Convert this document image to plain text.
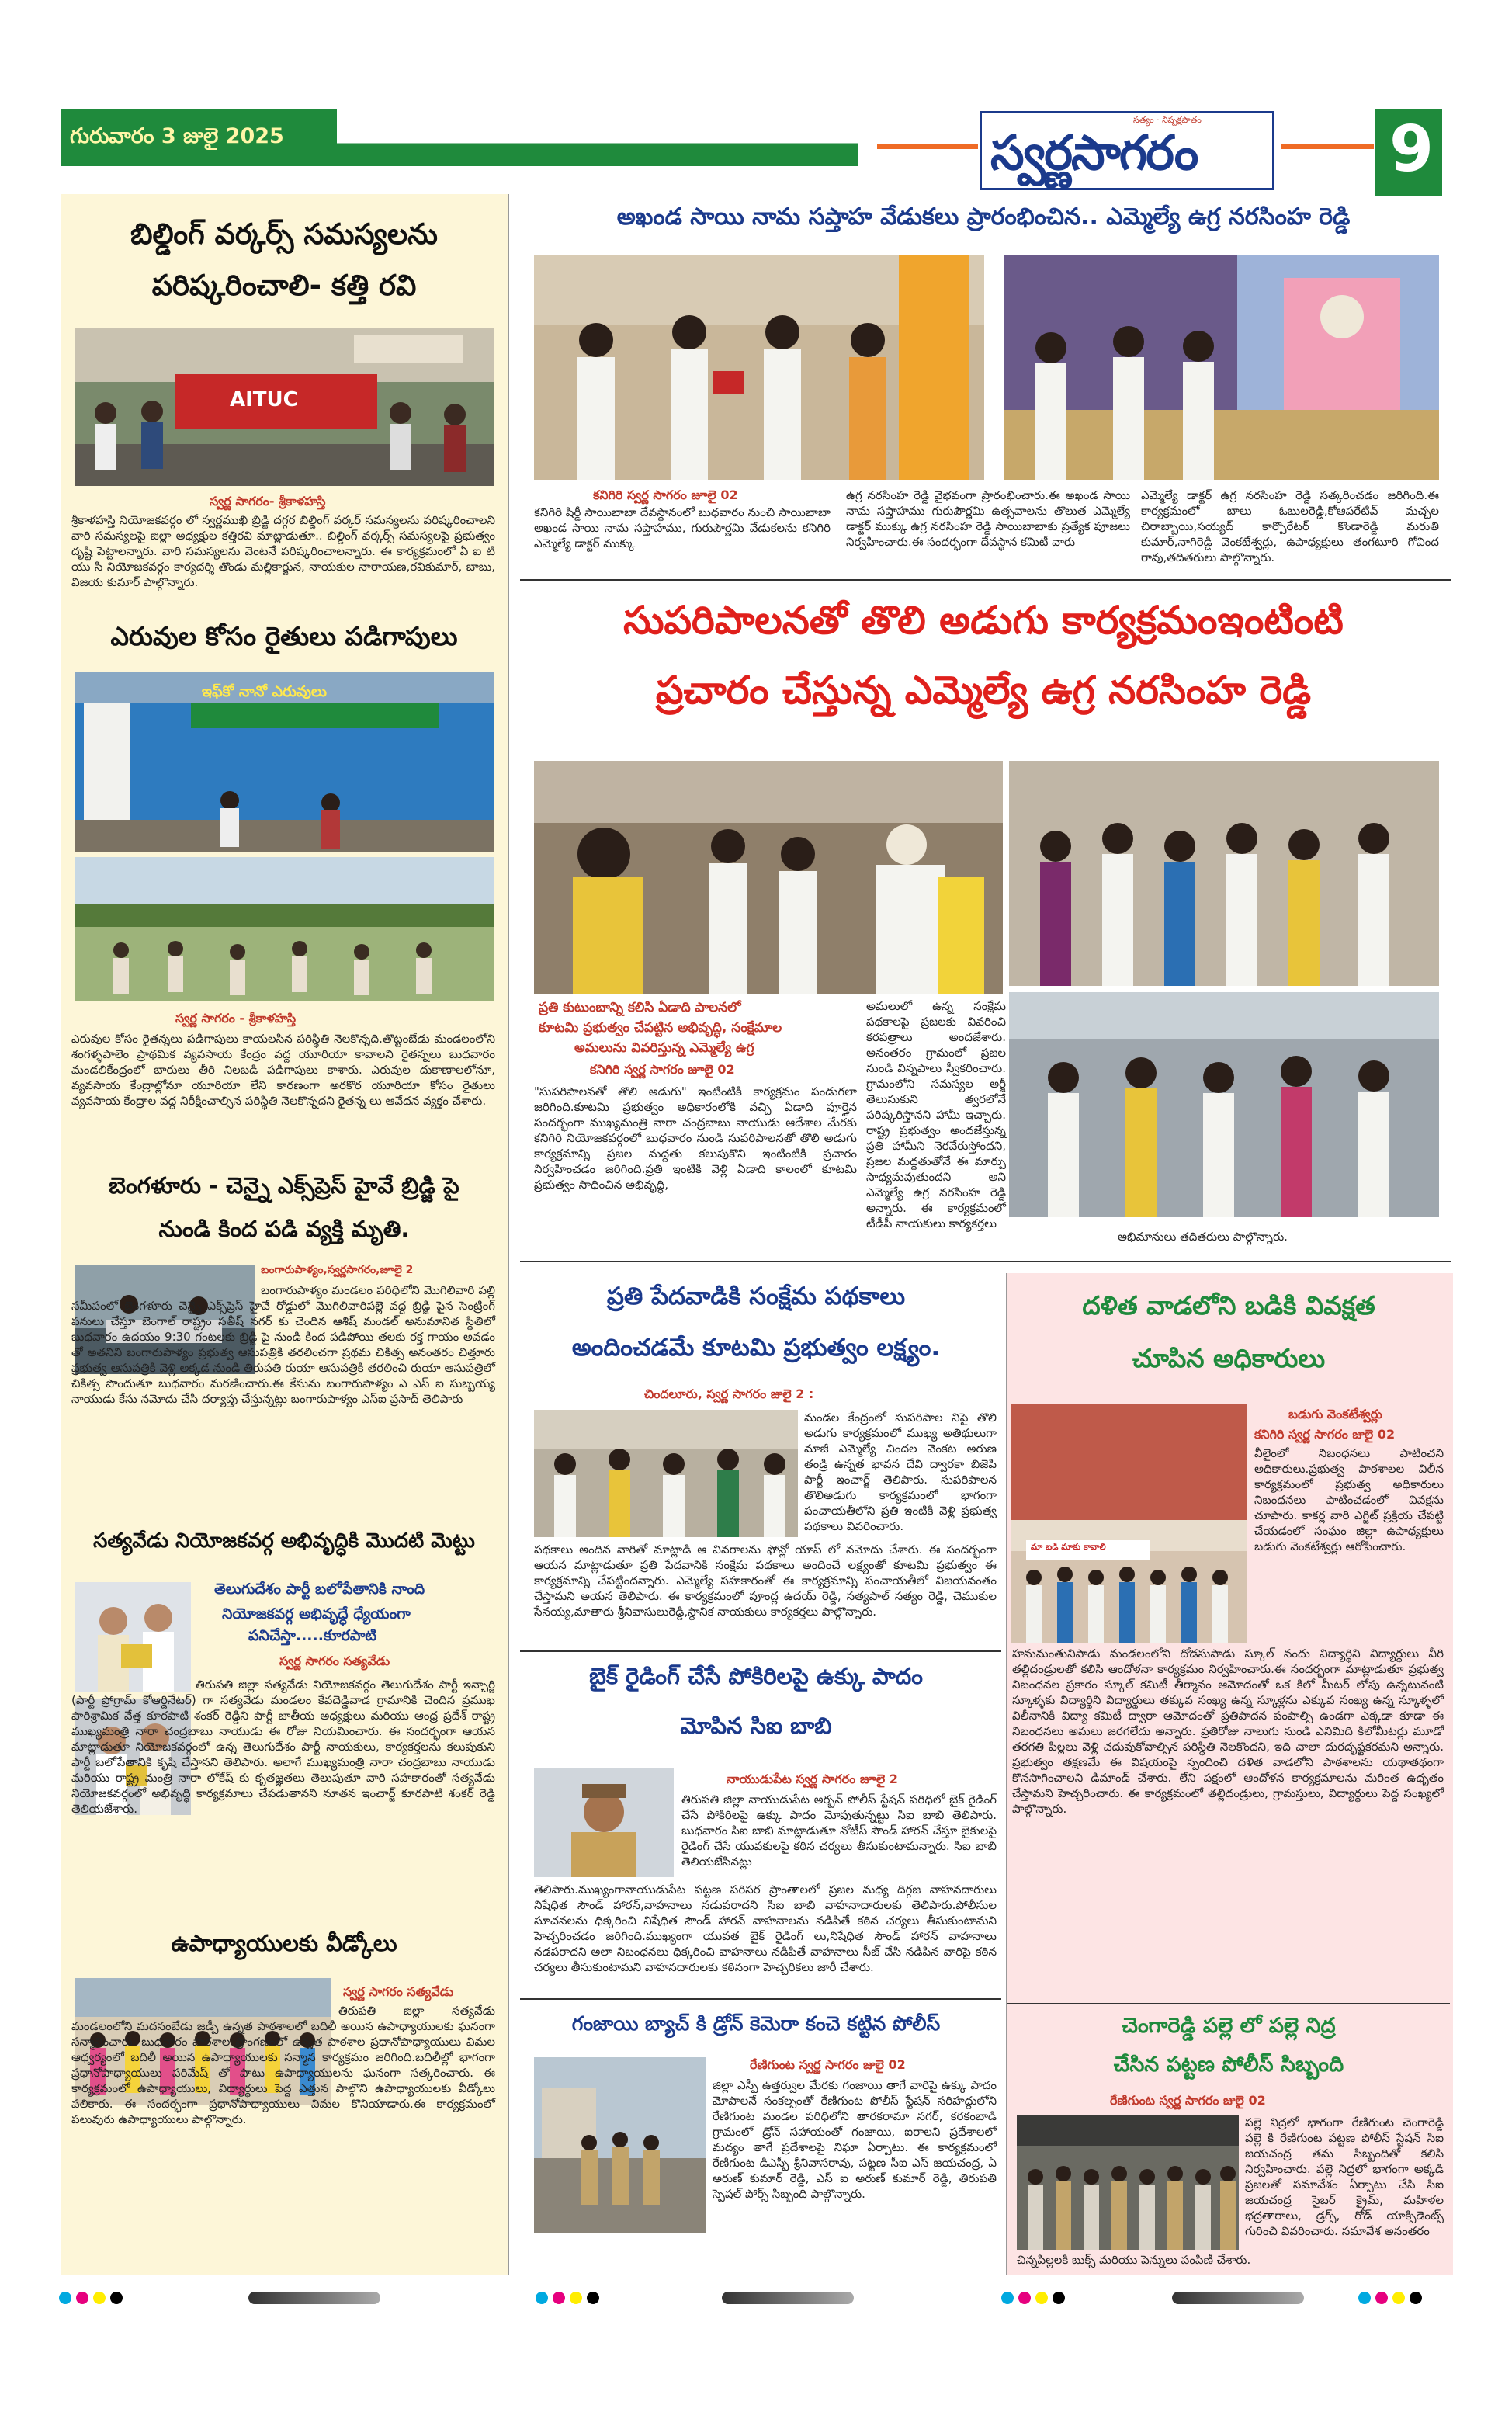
గురువారం 3 జులై 2025
సత్యం · నిష్పక్షపాతం
స్వర్ణసాగరం	9
బిల్డింగ్ వర్కర్స్ సమస్యలను
పరిష్కరించాలి- కత్తి రవి
AITUC
స్వర్ణ సాగరం- శ్రీకాళహస్తి
శ్రీకాళహస్తి నియోజకవర్గం లో స్వర్ణముఖి బ్రిడ్జి దగ్గర బిల్డింగ్ వర్కర్ సమస్యలను పరిష్కరించాలని వారి సమస్యలపై జిల్లా అధ్యక్షుల కత్తిరవి మాట్లాడుతూ.. బిల్డింగ్ వర్కర్స్ సమస్యలపై ప్రభుత్వం దృష్టి పెట్టాలన్నారు. వారి సమస్యలను వెంటనే పరిష్కరించాలన్నారు. ఈ కార్యక్రమంలో ఏ ఐ టి యు సి నియోజకవర్గం కార్యదర్శి తొండు మల్లికార్జున, నాయకుల నారాయణ,రవికుమార్, బాబు, విజయ కుమార్ పాల్గొన్నారు.
ఎరువుల కోసం రైతులు పడిగాపులు
ఇఫ్‌కో నానో ఎరువులు
స్వర్ణ సాగరం - శ్రీకాళహస్తి
ఎరువుల కోసం రైతన్నలు పడిగాపులు కాయలసిన పరిస్థితి నెలకొన్నది.తొట్టంబేడు మండలంలోని శంగళ్ళపాలెం ప్రాథమిక వ్యవసాయ కేంద్రం వద్ద యూరియా కావాలని రైతన్నలు బుధవారం మండలికేంద్రంలో బారులు తీరి నిలబడి పడిగాపులు కాశారు. ఎరువుల దుకాణాలలోనూ, వ్యవసాయ కేంద్రాల్లోనూ యూరియా లేని కారణంగా అరకొర యూరియా కోసం రైతులు వ్యవసాయ కేంద్రాల వద్ద నిరీక్షించాల్సిన పరిస్థితి నెలకొన్నదని రైతన్న లు ఆవేదన వ్యక్తం చేశారు.
బెంగళూరు - చెన్నై ఎక్స్‌ప్రెస్ హైవే బ్రిడ్జి పై
నుండి కింద పడి వ్యక్తి మృతి.
బంగారుపాళ్యం,స్వర్ణసాగరం,జూలై 2
బంగారుపాళ్యం మండలం పరిధిలోని మొగిలివారి పల్లి సమీపంలో బెంగళూరు చెన్నై ఎక్స్‌ప్రెస్ హైవే రోడ్డులో మొగిలివారిపల్లె వద్ద బ్రిడ్జి పైన సెంట్రింగ్ పనులు చేస్తూ బెంగాల్ రాష్ట్రం సతీష్ నగర్ కు చెందిన ఆశిష్ మండల్ అనుమానిత స్థితిలో బుధవారం ఉదయం 9:30 గంటలకు బ్రిడ్జి పై నుండి కింద పడిపోయి తలకు రక్త గాయం అవడం తో అతనిని బంగారుపాళ్యం ప్రభుత్వ ఆసుపత్రికి తరలించగా ప్రథమ చికిత్స అనంతరం చిత్తూరు ప్రభుత్వ ఆసుపత్రికి వెళ్లి అక్కడ నుండి తిరుపతి రుయా ఆసుపత్రికి తరలించి రుయా ఆసుపత్రిలో చికిత్స పొందుతూ బుధవారం మరణించారు.ఈ కేసును బంగారుపాళ్యం ఎ ఎస్ ఐ సుబ్బయ్య నాయుడు కేసు నమోదు చేసి దర్యాప్తు చేస్తున్నట్లు బంగారుపాళ్యం ఎస్ఐ ప్రసాద్ తెలిపారు
సత్యవేడు నియోజకవర్గ అభివృద్ధికి మొదటి మెట్టు
తెలుగుదేశం పార్టీ బలోపేతానికి నాంది
నియోజకవర్గ అభివృద్ధే ధ్యేయంగా
పనిచేస్తా.....కూరపాటి
స్వర్ణ సాగరం సత్యవేడు
తిరుపతి జిల్లా సత్యవేడు నియోజకవర్గం తెలుగుదేశం పార్టీ ఇన్చార్జి (పార్టీ ప్రోగ్రామ్ కోఆర్డినేటర్) గా సత్యవేడు మండలం కేవదెడ్డివాడ గ్రామానికి చెందిన ప్రముఖ పారిశ్రామిక వేత్త కూరపాటి శంకర్ రెడ్డిని పార్టీ జాతీయ అధ్యక్షులు మరియు ఆంధ్ర ప్రదేశ్ రాష్ట్ర ముఖ్యమంత్రి నారా చంద్రబాబు నాయుడు ఈ రోజు నియమించారు. ఈ సందర్భంగా ఆయన మాట్లాడుతూ నియోజకవర్గంలో ఉన్న తెలుగుదేశం పార్టీ నాయకులు, కార్యకర్తలను కలుపుకుని పార్టీ బలోపేతానికి కృషి చేస్తానని తెలిపారు. అలాగే ముఖ్యమంత్రి నారా చంద్రబాబు నాయుడు మరియు రాష్ట్ర మంత్రి నారా లోకేష్ కు కృతజ్ఞతలు తెలుపుతూ వారి సహకారంతో సత్యవేడు నియోజకవర్గంలో అభివృద్ధి కార్యక్రమాలు చేపడుతానని నూతన ఇంచార్జ్ కూరపాటి శంకర్ రెడ్డి తెలియజేశారు.
ఉపాధ్యాయులకు వీడ్కోలు
స్వర్ణ సాగరం సత్యవేడు
తిరుపతి జిల్లా సత్యవేడు మండలంలోని మదనంబేడు జడ్పీ ఉన్నత పాఠశాలలో బదిలీ అయిన ఉపాధ్యాయులకు ఘనంగా సన్మానించారు. బుధవారం పాఠశాల ప్రాంగణంలో ఉన్నత పాఠశాల ప్రధానోపాధ్యాయులు విమల ఆధ్వర్యంలో బదిలీ అయిన ఉపాధ్యాయులకు సన్మాన కార్యక్రమం జరిగింది.బదిలీల్లో భాగంగా ప్రధానోపాధ్యాయులు పరిమేష్ తో పాటు ఉపాధ్యాయులను ఘనంగా సత్కరించారు. ఈ కార్యక్రమంలో ఉపాధ్యాయులు, విద్యార్థులు పెద్ద ఎత్తున పాల్గొని ఉపాధ్యాయులకు వీడ్కోలు పలికారు. ఈ సందర్భంగా ప్రధానోపాధ్యాయులు విమల కొనియాడారు.ఈ కార్యక్రమంలో పలువురు ఉపాధ్యాయులు పాల్గొన్నారు.
అఖండ సాయి నామ సప్తాహ వేడుకలు ప్రారంభించిన.. ఎమ్మెల్యే ఉగ్ర నరసింహ రెడ్డి
కనిగిరి స్వర్ణ సాగరం జూలై 02
కనిగిరి షిర్డీ సాయిబాబా దేవస్థానంలో బుధవారం నుంచి సాయిబాబా అఖండ సాయి నామ సప్తాహము, గురుపౌర్ణమి వేడుకలను కనిగిరి ఎమ్మెల్యే డాక్టర్ ముక్కు
ఉగ్ర నరసింహ రెడ్డి వైభవంగా ప్రారంభించారు.ఈ అఖండ సాయి నామ సప్తాహము గురుపౌర్ణమి ఉత్సవాలను తొలుత ఎమ్మెల్యే డాక్టర్ ముక్కు ఉగ్ర నరసింహ రెడ్డి సాయిబాబాకు ప్రత్యేక పూజలు నిర్వహించారు.ఈ సందర్భంగా దేవస్థాన కమిటీ వారు
ఎమ్మెల్యే డాక్టర్ ఉగ్ర నరసింహ రెడ్డి సత్కరించడం జరిగింది.ఈ కార్యక్రమంలో బాలు ఓబులరెడ్డి,కోఆపరేటివ్ మచ్చల చిరాబ్బాయి,సయ్యద్ కార్పొరేటర్ కొండారెడ్డి మరుతి కుమార్,నాగిరెడ్డి వెంకటేశ్వర్లు, ఉపాధ్యక్షులు తంగటూరి గోవింద రావు,తదితరులు పాల్గొన్నారు.
సుపరిపాలనతో తొలి అడుగు కార్యక్రమంఇంటింటి
ప్రచారం చేస్తున్న ఎమ్మెల్యే ఉగ్ర నరసింహ రెడ్డి
ప్రతి కుటుంబాన్ని కలిసి ఏడాది పాలనలో
కూటమి ప్రభుత్వం చేపట్టిన అభివృద్ధి, సంక్షేమాల
అమలును వివరిస్తున్న ఎమ్మెల్యే ఉగ్ర
కనిగిరి స్వర్ణ సాగరం జూలై 02
"సుపరిపాలనతో తొలి అడుగు" ఇంటింటికి కార్యక్రమం పండుగలా జరిగింది.కూటమి ప్రభుత్వం అధికారంలోకి వచ్చి ఏడాది పూర్తైన సందర్భంగా ముఖ్యమంత్రి నారా చంద్రబాబు నాయుడు ఆదేశాల మేరకు కనిగిరి నియోజకవర్గంలో బుధవారం నుండి సుపరిపాలనతో తొలి అడుగు కార్యక్రమాన్ని ప్రజల మద్దతు కలుపుకొని ఇంటింటికి ప్రచారం నిర్వహించడం జరిగింది.ప్రతి ఇంటికి వెళ్లి ఏడాది కాలంలో కూటమి ప్రభుత్వం సాధించిన అభివృద్ధి,
అమలులో ఉన్న సంక్షేమ పథకాలపై ప్రజలకు వివరించి కరపత్రాలు అందజేశారు. అనంతరం గ్రామంలో ప్రజల నుండి విన్నపాలు స్వీకరించారు. గ్రామంలోని సమస్యల అర్జీ తెలుసుకుని త్వరలోనే పరిష్కరిస్తానని హామీ ఇచ్చారు. రాష్ట్ర ప్రభుత్వం అందజేస్తున్న ప్రతి హామీని నెరవేరుస్తోందని, ప్రజల మద్దతుతోనే ఈ మార్పు సాధ్యమవుతుందని అని ఎమ్మెల్యే ఉగ్ర నరసింహ రెడ్డి అన్నారు. ఈ కార్యక్రమంలో టీడీపీ నాయకులు కార్యకర్తలు
అభిమానులు తదితరులు పాల్గొన్నారు.
ప్రతి పేదవాడికి సంక్షేమ పథకాలు
అందించడమే కూటమి ప్రభుత్వం లక్ష్యం.
చిందలూరు, స్వర్ణ సాగరం జులై 2 :
మండల కేంద్రంలో సుపరిపాల నిపై తొలి అడుగు కార్యక్రమంలో ముఖ్య అతిథులుగా మాజీ ఎమ్మెల్యే చిందల వెంకట అరుణ తండ్రి ఉన్నత భావన దేవి ద్వారకా బిజెపి పార్టీ ఇంచార్జ్ తెలిపారు. సుపరిపాలన తొలిఅడుగు కార్యక్రమంలో భాగంగా పంచాయతీలోని ప్రతి ఇంటికి వెళ్లి ప్రభుత్వ పథకాలు వివరించారు.
పథకాలు అందిన వారితో మాట్లాడి ఆ వివరాలను ఫోన్లో యాప్ లో నమోదు చేశారు. ఈ సందర్భంగా ఆయన మాట్లాడుతూ ప్రతి పేదవానికి సంక్షేమ పథకాలు అందించే లక్ష్యంతో కూటమి ప్రభుత్వం ఈ కార్యక్రమాన్ని చేపట్టిందన్నారు. ఎమ్మెల్యే సహకారంతో ఈ కార్యక్రమాన్ని పంచాయతీలో విజయవంతం చేస్తామని అయన తెలిపారు. ఈ కార్యక్రమంలో పూంద్ల ఉదయ్ రెడ్డి, సత్యపాల్ సత్యం రెడ్డి, చెముకుల సేనయ్య,మాతారు శ్రీనివాసులురెడ్డి,స్థానిక నాయకులు కార్యకర్తలు పాల్గొన్నారు.
బైక్ రైడింగ్ చేసే పోకిరిలపై ఉక్కు పాదం
మోపిన సిఐ బాబి
నాయుడుపేట స్వర్ణ సాగరం జూలై 2
తిరుపతి జిల్లా నాయుడుపేట అర్బన్ పోలీస్ స్టేషన్ పరిధిలో బైక్ రైడింగ్ చేసే పోకిరిలపై ఉక్కు పాదం మోపుతున్నట్టు సిఐ బాబి తెలిపారు. బుధవారం సిఐ బాబి మాట్లాడుతూ నోటీస్ సౌండ్ హారన్ చేస్తూ బైకులపై రైడింగ్ చేసే యువకులపై కఠిన చర్యలు తీసుకుంటామన్నారు. సిఐ బాబి తెలియజేసినట్లు
తెలిపారు.ముఖ్యంగానాయుడుపేట పట్టణ పరిసర ప్రాంతాలలో ప్రజల మధ్య దిగ్గజ వాహనదారులు నిషేధిత సౌండ్ హారన్,వాహనాలు నడుపరాదని సిఐ బాబి వాహనాదారులకు తెలిపారు.పోలీసుల సూచనలను ధిక్కరించి నిషేధిత సౌండ్ హారన్ వాహనాలను నడిపితే కఠిన చర్యలు తీసుకుంటామని హెచ్చరించడం జరిగింది.ముఖ్యంగా యువత బైక్ రైడింగ్ లు,నిషేధిత సౌండ్ హారన్ వాహనాలు నడపరాదని అలా నిబంధనలు ధిక్కరించి వాహనాలు నడిపితే వాహనాలు సీజ్ చేసి నడిపిన వారిపై కఠిన చర్యలు తీసుకుంటామని వాహనదారులకు కఠినంగా హెచ్చరికలు జారీ చేశారు.
గంజాయి బ్యాచ్ కి డ్రోన్ కెమెరా కంచె కట్టిన పోలీస్
రేణిగుంట స్వర్ణ సాగరం జులై 02
జిల్లా ఎస్పీ ఉత్తర్వుల మేరకు గంజాయి తాగే వారిపై ఉక్కు పాదం మోపాలనే సంకల్పంతో రేణిగుంట పోలీస్ స్టేషన్ సరిహద్దులోని రేణిగుంట మండల పరిధిలోని తారకరామా నగర్, కరకంబాడి గ్రామంలో డ్రోన్ సహాయంతో గంజాయి, ఐరాలని ప్రదేశాలలో మద్యం తాగే ప్రదేశాలపై నిఘా ఏర్పాటు. ఈ కార్యక్రమంలో రేణిగుంట డిఎస్పీ శ్రీనివాసరావు, పట్టణ సీఐ ఎస్ జయచంద్ర, ఏ అరుణ్ కుమార్ రెడ్డి, ఎస్ ఐ అరుణ్ కుమార్ రెడ్డి, తిరుపతి స్పెషల్ పోర్స్ సిబ్బంది పాల్గొన్నారు.
దళిత వాడలోని బడికి వివక్షత
చూపిన అధికారులు
మా బడి మాకు కావాలి
బడుగు వెంకటేశ్వర్లు
కనిగిరి స్వర్ణ సాగరం జులై 02
వీలైంలో నిబంధనలు పాటించని అధికారులు.ప్రభుత్వ పాఠశాలల విలీన కార్యక్రమంలో ప్రభుత్వ అధికారులు నిబంధనలు పాటించడంలో వివక్షను చూపారు. కాకర్ల వారి ఎగ్జిట్ ప్రక్రియ చేపట్టి చేయడంలో సంఘం జిల్లా ఉపాధ్యక్షులు బడుగు వెంకటేశ్వర్లు ఆరోపించారు.
హనుమంతునిపాడు మండలంలోని దోడసుపాడు స్కూల్ నందు విద్యార్థిని విద్యార్థులు వీరి తల్లిదండ్రులతో కలిసి ఆందోళనా కార్యక్రమం నిర్వహించారు.ఈ సందర్భంగా మాట్లాడుతూ ప్రభుత్వ నిబంధనల ప్రకారం స్కూల్ కమిటీ తీర్మానం ఆమోదంతో ఒక కిలో మీటర్ లోపు ఉన్నటువంటి స్కూళ్ళకు విద్యార్థిని విద్యార్థులు తక్కువ సంఖ్య ఉన్న స్కూళ్లను ఎక్కువ సంఖ్య ఉన్న స్కూళ్ళలో విలీనానికి విద్యా కమిటీ ద్వారా ఆమోదంతో ప్రతిపాదన పంపాల్సి ఉండగా ఎక్కడా కూడా ఈ నిబంధనలు అమలు జరగలేదు అన్నారు. ప్రతిరోజు నాలుగు నుండి ఎనిమిది కిలోమీటర్లు మూడో తరగతి పిల్లలు వెళ్లి చదువుకోవాల్సిన పరిస్థితి నెలకొందని, ఇది చాలా దురదృష్టకరమని అన్నారు. ప్రభుత్వం తక్షణమే ఈ విషయంపై స్పందించి దళిత వాడలోని పాఠశాలను యథాతథంగా కొనసాగించాలని డిమాండ్ చేశారు. లేని పక్షంలో ఆందోళన కార్యక్రమాలను మరింత ఉధృతం చేస్తామని హెచ్చరించారు. ఈ కార్యక్రమంలో తల్లిదండ్రులు, గ్రామస్తులు, విద్యార్థులు పెద్ద సంఖ్యలో పాల్గొన్నారు.
చెంగారెడ్డి పల్లె లో పల్లె నిద్ర
చేసిన పట్టణ పోలీస్ సిబ్బంది
రేణిగుంట స్వర్ణ సాగరం జులై 02
పల్లె నిద్రలో భాగంగా రేణిగుంట చెంగారెడ్డి పల్లె కి రేణిగుంట పట్టణ పోలీస్ స్టేషన్ సిఐ జయచంద్ర తమ సిబ్బందితో కలిసి నిర్వహించారు. పల్లె నిద్రలో భాగంగా అక్కడి ప్రజలతో సమావేశం ఏర్పాటు చేసి సిఐ జయచంద్ర సైబర్ క్రైమ్, మహిళల భద్రతారాలు, డ్రగ్స్, రోడ్ యాక్సిడెంట్స్ గురించి వివరించారు. సమావేశ అనంతరం
చిన్నపిల్లలకి బుక్స్ మరియు పెన్నులు పంపిణీ చేశారు.
